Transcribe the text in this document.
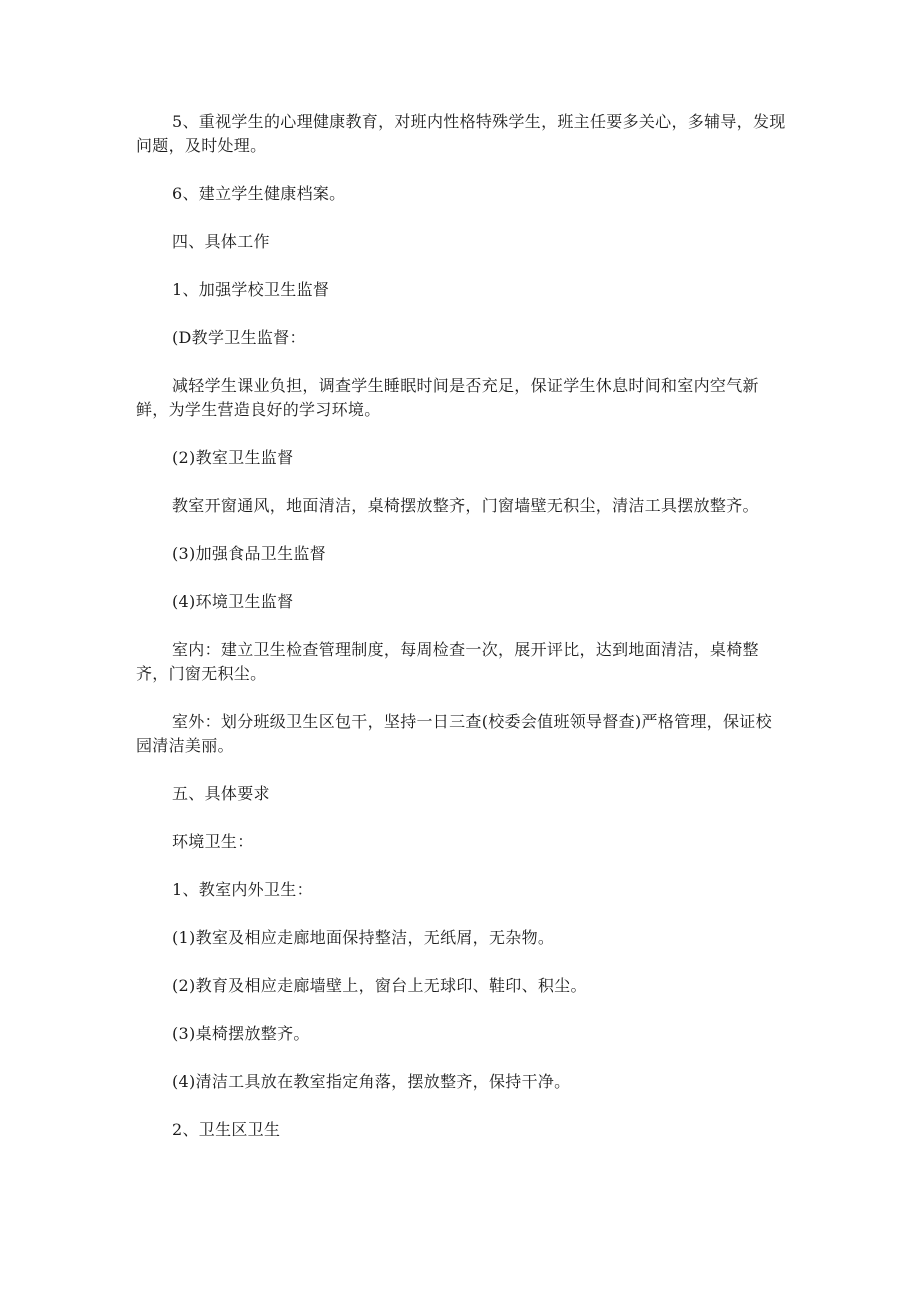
5、重视学生的心理健康教育，对班内性格特殊学生，班主任要多关心，多辅导，发现问题，及时处理。

6、建立学生健康档案。

四、具体工作

1、加强学校卫生监督

(D教学卫生监督：

减轻学生课业负担，调查学生睡眠时间是否充足，保证学生休息时间和室内空气新鲜，为学生营造良好的学习环境。

(2)教室卫生监督

教室开窗通风，地面清洁，桌椅摆放整齐，门窗墙壁无积尘，清洁工具摆放整齐。

(3)加强食品卫生监督

(4)环境卫生监督

室内：建立卫生检查管理制度，每周检查一次，展开评比，达到地面清洁，桌椅整齐，门窗无积尘。

室外：划分班级卫生区包干，坚持一日三查(校委会值班领导督查)严格管理，保证校园清洁美丽。

五、具体要求

环境卫生：

1、教室内外卫生：

(1)教室及相应走廊地面保持整洁，无纸屑，无杂物。

(2)教育及相应走廊墙壁上，窗台上无球印、鞋印、积尘。

(3)桌椅摆放整齐。

(4)清洁工具放在教室指定角落，摆放整齐，保持干净。

2、卫生区卫生
